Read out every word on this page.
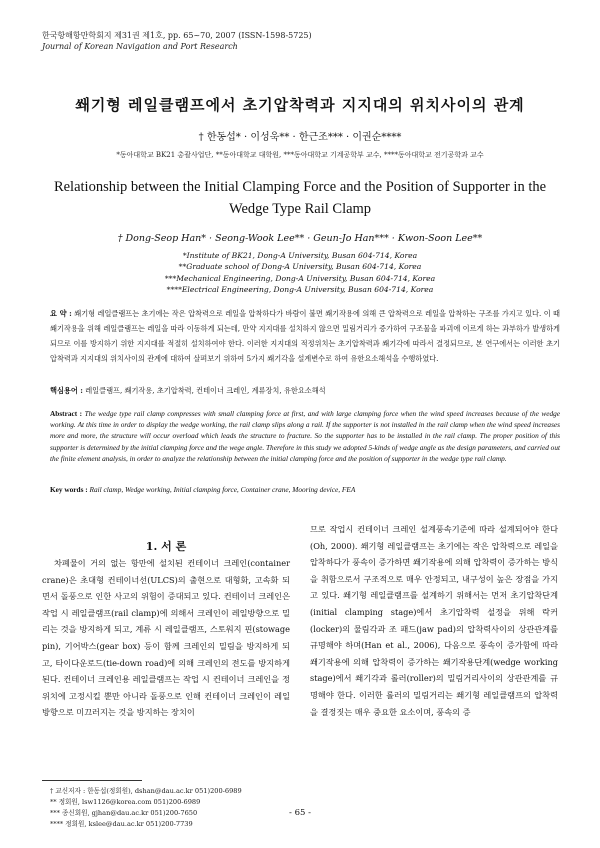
한국항해항만학회지 제31권 제1호, pp. 65~70, 2007 (ISSN-1598-5725)
Journal of Korean Navigation and Port Research
쐐기형 레일클램프에서 초기압착력과 지지대의 위치사이의 관계
† 한동섭* · 이성욱** · 한근조*** · 이권순****
*동아대학교 BK21 총괄사업단, **동아대학교 대학원, ***동아대학교 기계공학부 교수, ****동아대학교 전기공학과 교수
Relationship between the Initial Clamping Force and the Position of Supporter in the Wedge Type Rail Clamp
† Dong-Seop Han* · Seong-Wook Lee** · Geun-Jo Han*** · Kwon-Soon Lee**
*Institute of BK21, Dong-A University, Busan 604-714, Korea
**Graduate school of Dong-A University, Busan 604-714, Korea
***Mechanical Engineering, Dong-A University, Busan 604-714, Korea
****Electrical Engineering, Dong-A University, Busan 604-714, Korea
요 약 : 쐐기형 레일클램프는 초기에는 작은 압착력으로 레일을 압착하다가 바람이 불면 쐐기작용에 의해 큰 압착력으로 레일을 압착하는 구조를 가지고 있다. 이 때 쐐기작용을 위해 레일클램프는 레일을 따라 이동하게 되는데, 만약 지지대를 설치하지 않으면 밀림거리가 증가하여 구조물을 파괴에 이르게 하는 과부하가 발생하게 되므로 이를 방지하기 위한 지지대를 적절히 설치하여야 한다. 이러한 지지대의 적정위치는 초기압착력과 쐐기각에 따라서 결정되므로, 본 연구에서는 이러한 초기압착력과 지지대의 위치사이의 관계에 대하여 살펴보기 위하여 5가지 쐐기각을 설계변수로 하여 유한요소해석을 수행하였다.
핵심용어 : 레일클램프, 쐐기작용, 초기압착력, 컨테이너 크레인, 계류장치, 유한요소해석
Abstract : The wedge type rail clamp compresses with small clamping force at first, and with large clamping force when the wind speed increases because of the wedge working. At this time in order to display the wedge working, the rail clamp slips along a rail. If the supporter is not installed in the rail clamp when the wind speed increases more and more, the structure will occur overload which leads the structure to fracture. So the supporter has to be installed in the rail clamp. The proper position of this supporter is determined by the initial clamping force and the wege angle. Therefore in this study we adopted 5-kinds of wedge angle as the design parameters, and carried out the finite element analysis, in order to analyze the relationship between the initial clamping force and the position of supporter in the wedge type rail clamp.
Key words : Rail clamp, Wedge working, Initial clamping force, Container crane, Mooring device, FEA
1. 서 론
차폐물이 거의 없는 항만에 설치된 컨테이너 크레인(container crane)은 초대형 컨테이너선(ULCS)의 출현으로 대형화, 고속화 되면서 돌풍으로 인한 사고의 위험이 증대되고 있다. 컨테이너 크레인은 작업 시 레일클램프(rail clamp)에 의해서 크레인이 레일방향으로 밀리는 것을 방지하게 되고, 계류 시 레일클램프, 스토워지 핀(stowage pin), 기어박스(gear box) 등이 함께 크레인의 밀림을 방지하게 되고, 타이다운로드(tie-down road)에 의해 크레인의 전도를 방지하게 된다. 컨테이너 크레인용 레일클램프는 작업 시 컨테이너 크레인을 정 위치에 고정시킬 뿐만 아니라 돌풍으로 인해 컨테이너 크레인이 레일방향으로 미끄러지는 것을 방지하는 장치이
므로 작업시 컨테이너 크레인 설계풍속기준에 따라 설계되어야 한다(Oh, 2000). 쐐기형 레일클램프는 초기에는 작은 압착력으로 레일을 압착하다가 풍속이 증가하면 쐐기작용에 의해 압착력이 증가하는 방식을 취함으로서 구조적으로 매우 안정되고, 내구성이 높은 장점을 가지고 있다. 쐐기형 레일클램프를 설계하기 위해서는 먼저 초기압착단계(initial clamping stage)에서 초기압착력 설정을 위해 락커(locker)의 물림각과 조 패드(jaw pad)의 압착력사이의 상관관계를 규명해야 하며(Han et al., 2006), 다음으로 풍속이 증가함에 따라 쐐기작용에 의해 압착력이 증가하는 쐐기작용단계(wedge working stage)에서 쐐기각과 롤러(roller)의 밀림거리사이의 상관관계를 규명해야 한다. 이러한 롤러의 밀림거리는 쐐기형 레일클램프의 압착력을 결정짓는 매우 중요한 요소이며, 풍속의 증
† 교신저자 : 한동섭(정회원), dshan@dau.ac.kr 051)200-6989
** 정회원, lsw1126@korea.com 051)200-6989
*** 종신회원, gjhan@dau.ac.kr 051)200-7650
**** 정회원, kslee@dau.ac.kr 051)200-7739
- 65 -
